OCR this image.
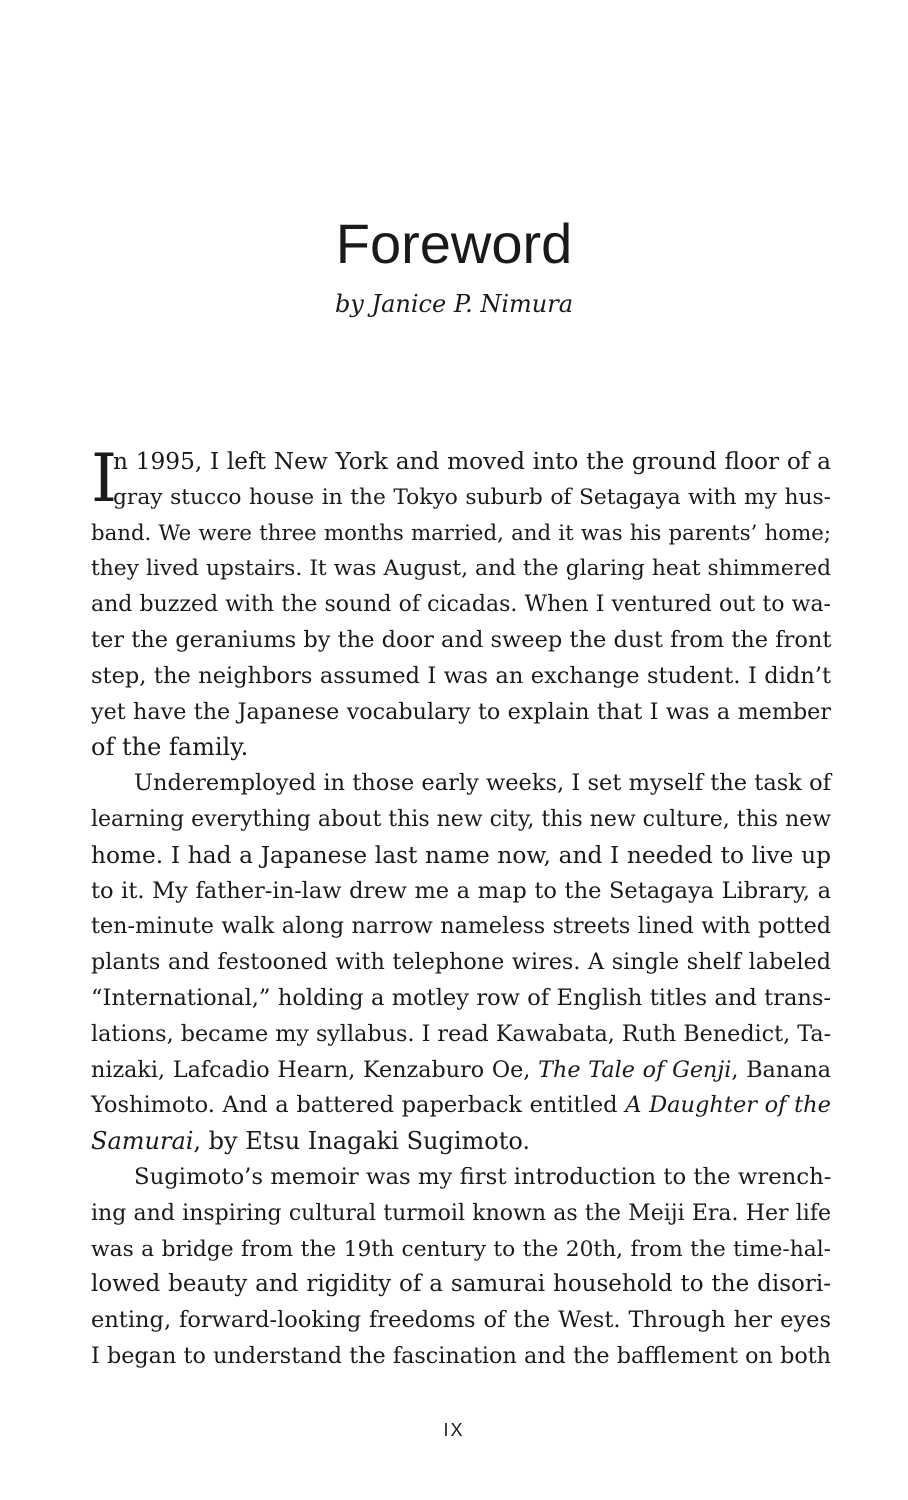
Foreword
by Janice P. Nimura
I
n 1995, I left New York and moved into the ground floor of a
gray stucco house in the Tokyo suburb of Setagaya with my hus-
band. We were three months married, and it was his parents’ home;
they lived upstairs. It was August, and the glaring heat shimmered
and buzzed with the sound of cicadas. When I ventured out to wa-
ter the geraniums by the door and sweep the dust from the front
step, the neighbors assumed I was an exchange student. I didn’t
yet have the Japanese vocabulary to explain that I was a member
of the family.
Underemployed in those early weeks, I set myself the task of
learning everything about this new city, this new culture, this new
home. I had a Japanese last name now, and I needed to live up
to it. My father-in-law drew me a map to the Setagaya Library, a
ten-minute walk along narrow nameless streets lined with potted
plants and festooned with telephone wires. A single shelf labeled
“International,” holding a motley row of English titles and trans-
lations, became my syllabus. I read Kawabata, Ruth Benedict, Ta-
nizaki, Lafcadio Hearn, Kenzaburo Oe, The Tale of Genji, Banana
Yoshimoto. And a battered paperback entitled A Daughter of the
Samurai, by Etsu Inagaki Sugimoto.
Sugimoto’s memoir was my first introduction to the wrench-
ing and inspiring cultural turmoil known as the Meiji Era. Her life
was a bridge from the 19th century to the 20th, from the time-hal-
lowed beauty and rigidity of a samurai household to the disori-
enting, forward-looking freedoms of the West. Through her eyes
I began to understand the fascination and the bafflement on both
IX
